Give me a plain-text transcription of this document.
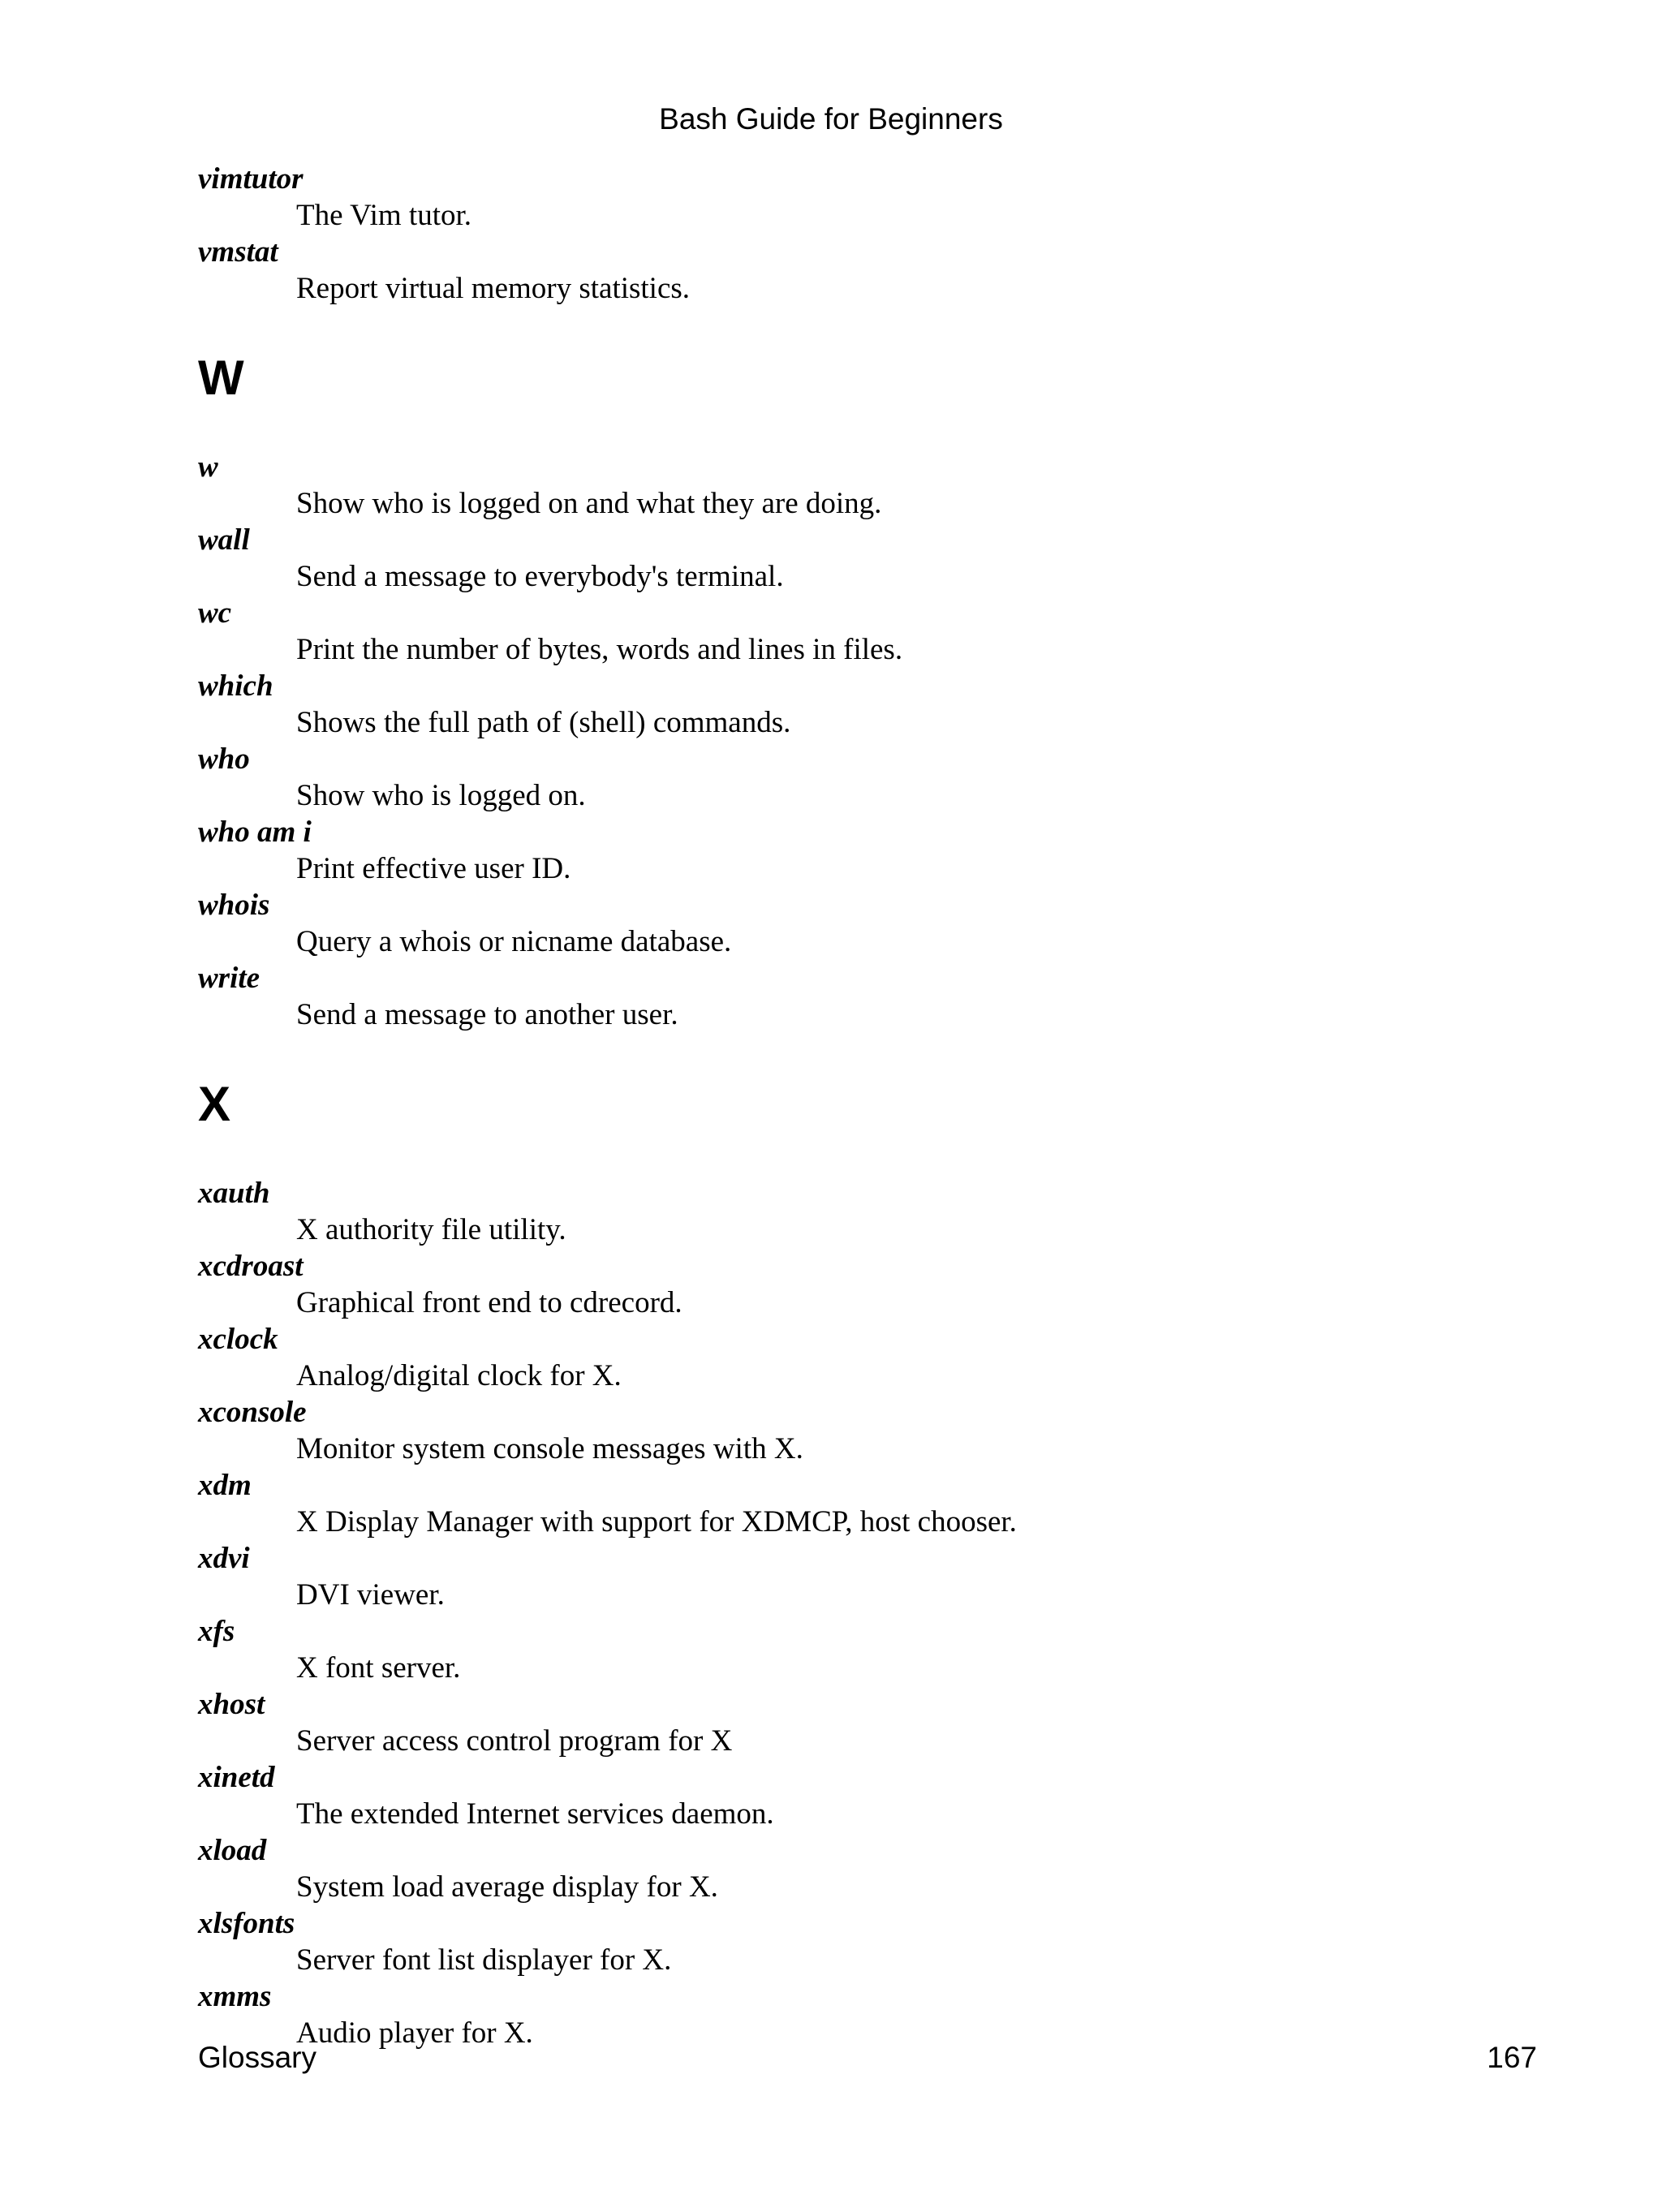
Bash Guide for Beginners
vimtutor
The Vim tutor.
vmstat
Report virtual memory statistics.
W
w
Show who is logged on and what they are doing.
wall
Send a message to everybody's terminal.
wc
Print the number of bytes, words and lines in files.
which
Shows the full path of (shell) commands.
who
Show who is logged on.
who am i
Print effective user ID.
whois
Query a whois or nicname database.
write
Send a message to another user.
X
xauth
X authority file utility.
xcdroast
Graphical front end to cdrecord.
xclock
Analog/digital clock for X.
xconsole
Monitor system console messages with X.
xdm
X Display Manager with support for XDMCP, host chooser.
xdvi
DVI viewer.
xfs
X font server.
xhost
Server access control program for X
xinetd
The extended Internet services daemon.
xload
System load average display for X.
xlsfonts
Server font list displayer for X.
xmms
Audio player for X.
Glossary	167
